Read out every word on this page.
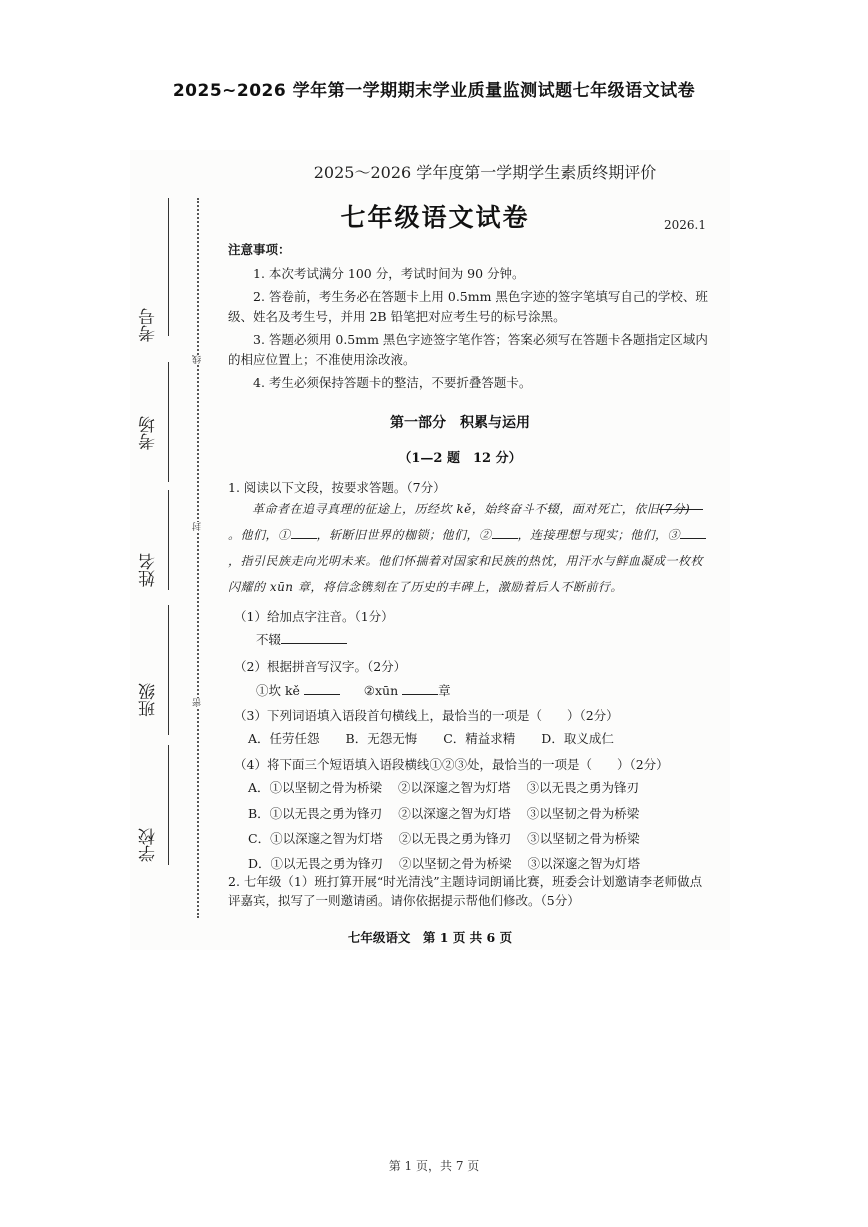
2025~2026 学年第一学期期末学业质量监测试题七年级语文试卷
2025～2026 学年度第一学期学生素质终期评价
七年级语文试卷	2026.1
考号
考场
姓名
班级
学校
线
封
密
注意事项：

1. 本次考试满分 100 分，考试时间为 90 分钟。

2. 答卷前，考生务必在答题卡上用 0.5mm 黑色字迹的签字笔填写自己的学校、班级、姓名及考生号，并用 2B 铅笔把对应考生号的标号涂黑。

3. 答题必须用 0.5mm 黑色字迹签字笔作答；答案必须写在答题卡各题指定区域内的相应位置上；不准使用涂改液。

4. 考生必须保持答题卡的整洁，不要折叠答题卡。

第一部分　积累与运用
（1—2 题　12 分）

1. 阅读以下文段，按要求答题。（7分）

革命者在追寻真理的征途上，历经坎 kě，始终奋斗不辍，面对死亡，依旧(7分)。他们，① ，斩断旧世界的枷锁；他们，② ，连接理想与现实；他们，③，指引民族走向光明未来。他们怀揣着对国家和民族的热忱，用汗水与鲜血凝成一枚枚闪耀的 xūn 章，将信念镌刻在了历史的丰碑上，激励着后人不断前行。

（1）给加点字注音。（1分）

不辍

（2）根据拼音写汉字。（2分）

①坎 kě	②xūn	章

（3）下列词语填入语段首句横线上，最恰当的一项是（　　）（2分）

A．任劳任怨 B．无怨无悔 C．精益求精 D．取义成仁

（4）将下面三个短语填入语段横线①②③处，最恰当的一项是（　　）（2分）

A．①以坚韧之骨为桥梁 ②以深邃之智为灯塔 ③以无畏之勇为锋刃
B．①以无畏之勇为锋刃 ②以深邃之智为灯塔 ③以坚韧之骨为桥梁
C．①以深邃之智为灯塔 ②以无畏之勇为锋刃 ③以坚韧之骨为桥梁
D．①以无畏之勇为锋刃 ②以坚韧之骨为桥梁 ③以深邃之智为灯塔
2. 七年级（1）班打算开展“时光清浅”主题诗词朗诵比赛，班委会计划邀请李老师做点评嘉宾，拟写了一则邀请函。请你依据提示帮他们修改。（5分）
七年级语文　第 1 页 共 6 页
第 1 页，共 7 页
